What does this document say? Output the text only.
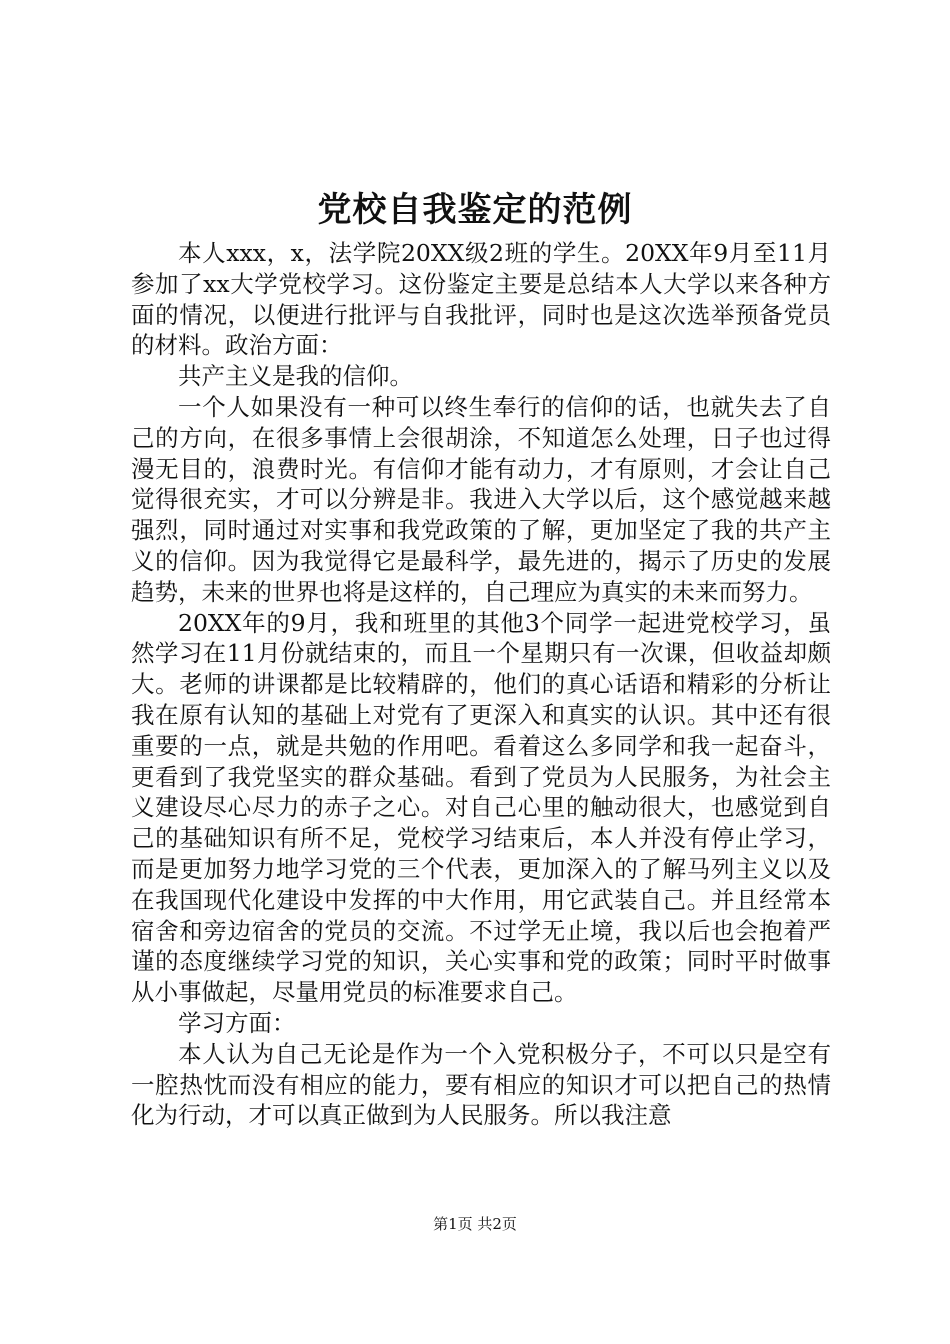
党校自我鉴定的范例

本人xxx，x，法学院20XX级2班的学生。20XX年9月至11月参加了xx大学党校学习。这份鉴定主要是总结本人大学以来各种方面的情况，以便进行批评与自我批评，同时也是这次选举预备党员的材料。政治方面：

共产主义是我的信仰。

一个人如果没有一种可以终生奉行的信仰的话，也就失去了自己的方向，在很多事情上会很胡涂，不知道怎么处理，日子也过得漫无目的，浪费时光。有信仰才能有动力，才有原则，才会让自己觉得很充实，才可以分辨是非。我进入大学以后，这个感觉越来越强烈，同时通过对实事和我党政策的了解，更加坚定了我的共产主义的信仰。因为我觉得它是最科学，最先进的，揭示了历史的发展趋势，未来的世界也将是这样的，自己理应为真实的未来而努力。

20XX年的9月，我和班里的其他3个同学一起进党校学习，虽然学习在11月份就结束的，而且一个星期只有一次课，但收益却颇大。老师的讲课都是比较精辟的，他们的真心话语和精彩的分析让我在原有认知的基础上对党有了更深入和真实的认识。其中还有很重要的一点，就是共勉的作用吧。看着这么多同学和我一起奋斗，更看到了我党坚实的群众基础。看到了党员为人民服务，为社会主义建设尽心尽力的赤子之心。对自己心里的触动很大，也感觉到自己的基础知识有所不足，党校学习结束后，本人并没有停止学习，而是更加努力地学习党的三个代表，更加深入的了解马列主义以及在我国现代化建设中发挥的中大作用，用它武装自己。并且经常本宿舍和旁边宿舍的党员的交流。不过学无止境，我以后也会抱着严谨的态度继续学习党的知识，关心实事和党的政策；同时平时做事从小事做起，尽量用党员的标准要求自己。

学习方面：

本人认为自己无论是作为一个入党积极分子，不可以只是空有一腔热忱而没有相应的能力，要有相应的知识才可以把自己的热情化为行动，才可以真正做到为人民服务。所以我注意

第1页 共2页
